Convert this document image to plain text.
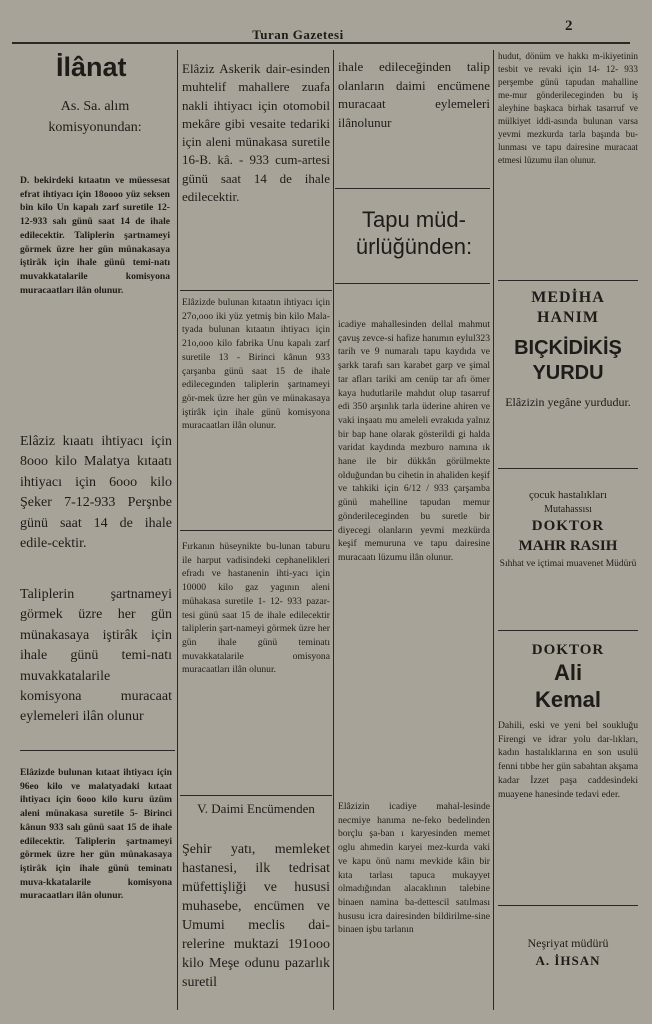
Turan Gazetesi
2
İlânat

As. Sa. alım komisyonundan:

D. bekirdeki kıtaatın ve müessesat efrat ihtiyacı için 18oooo yüz seksen bin kilo Un kapalı zarf suretile 12-12-933 salı günü saat 14 de ihale edilecektir. Taliplerin şartnameyi görmek üzre her gün münakasaya iştirâk için ihale günü temi-natı muvakkatalarile komisyona muracaatları ilân olunur.

Elâziz kıaatı ihtiyacı için 8ooo kilo Malatya kıtaatı ihtiyacı için 6ooo kilo Şeker 7-12-933 Perşnbe günü saat 14 de ihale edile-cektir.

Taliplerin şartnameyi görmek üzre her gün münakasaya iştirâk için ihale günü temi-natı muvakkatalarile komisyona muracaat eylemeleri ilân olunur

Elâzizde bulunan kıtaat ihtiyacı için 96eo kilo ve malatyadaki kıtaat ihtiyacı için 6ooo kilo kuru üzüm aleni münakasa suretile 5- Birinci kânun 933 salı günü saat 15 de ihale edilecektir. Taliplerin şartnameyi görmek üzre her gün münakasaya iştirâk için ihale günü teminatı muva-kkatalarile komisyona muracaatları ilân olunur.

Elâziz Askerik dair-esinden muhtelif mahallere zuafa nakli ihtiyacı için otomobil mekâre gibi vesaite tedariki için aleni münakasa suretile 16-B. kâ. - 933 cum-artesi günü saat 14 de ihale edilecektir.

Elâzizde bulunan kıtaatın ihtiyacı için 27o,ooo iki yüz yetmiş bin kilo Mala-tyada bulunan kıtaatın ihtiyacı için 21o,ooo kilo fabrika Unu kapalı zarf suretile 13 - Birinci kânun 933 çarşanba günü saat 15 de ihale edilecegınden taliplerin şartnameyi gör-mek üzre her gün ve münakasaya iştirâk için ihale günü komisyona muracaatları ilân olunur.

Fırkanın hüseynikte bu-lunan taburu ile harput vadisindeki cephanelikleri efradı ve hastanenin ihti-yacı için 10000 kilo gaz yagının aleni mühakasa suretile 1- 12- 933 pazar-tesi günü saat 15 de ihale edilecektir taliplerin şart-nameyi görmek üzre her gün ihale günü teminatı muvakkatalarile omisyona muracaatları ilân olunur.

V. Daimi Encümenden

Şehir yatı, memleket hastanesi, ilk tedrisat müfettişliği ve hususi muhasebe, encümen ve Umumi meclis dai-relerine muktazi 191ooo kilo Meşe odunu pazarlık suretil

ihale edileceğinden talip olanların daimi encümene muracaat eylemeleri ilânolunur

Tapu müd-ürlüğünden:

icadiye mahallesinden dellal mahmut çavuş zevce-si hafize hanımın eylul323 tarih ve 9 numaralı tapu kaydıda ve şarkk tarafı sarı karabet garp ve şimal tar afları tariki am cenüp tar afı ömer kaya hudutlarile mahdut olup tasarruf edi 350 arşınlık tarla üderine ahiren ve vaki inşaatı mu ameleli evrakıda yalnız bir bap hane olarak gösterildi gi halda varidat kaydında mezburo namına ık hane ile bir dükkân görülmekte olduğundan bu cihetin in ahaliden keşif ve tahkiki için 6/12 / 933 çarşamba günü mahelline tapudan memur gönderileceginden bu suretle bir diyecegi olanların yevmi mezkürda keşif memuruna ve tapu dairesine muracaatı lüzumu ilân olunur.

Elâzizin icadiye mahal-lesinde necmiye hanıma ne-feko bedelinden borçlu şa-ban ı karyesinden memet oglu ahmedin karyei mez-kurda vaki ve kapu önü namı mevkide kâin bir kıta tarlası tapuca mukayyet olmadığından alacaklının talebine binaen namina ba-dettescil satılması hususu icra dairesinden bildirilme-sine binaen işbu tarlanın

hudut, dönüm ve hakkı m-ikiyetinin tesbit ve revaki için 14- 12- 933 perşembe günü tapudan mahalline me-mur gönderileceginden bu iş aleyhine başkaca birhak tasarruf ve mülkiyet iddi-asında bulunan varsa yevmi mezkurda tarla başında bu-lunması ve tapu dairesine muracaat etmesi lüzumu ilan olunur.

MEDİHA

HANIM

BIÇKİDİKİŞ YURDU

Elâzizin yegâne yurdudur.

çocuk hastalıkları

Mutahassısı

DOKTOR

MAHR RASIH

Sıhhat ve içtimai muavenet Müdürü

DOKTOR

Ali

Kemal

Dahili, eski ve yeni bel soukluğu Firengi ve idrar yolu dar-lıkları, kadın hastalıklarına en son usulü fenni tıbbe her gün sabahtan akşama kadar İzzet paşa caddesindeki muayene hanesinde tedavi eder.

Neşriyat müdürü

A. İHSAN
